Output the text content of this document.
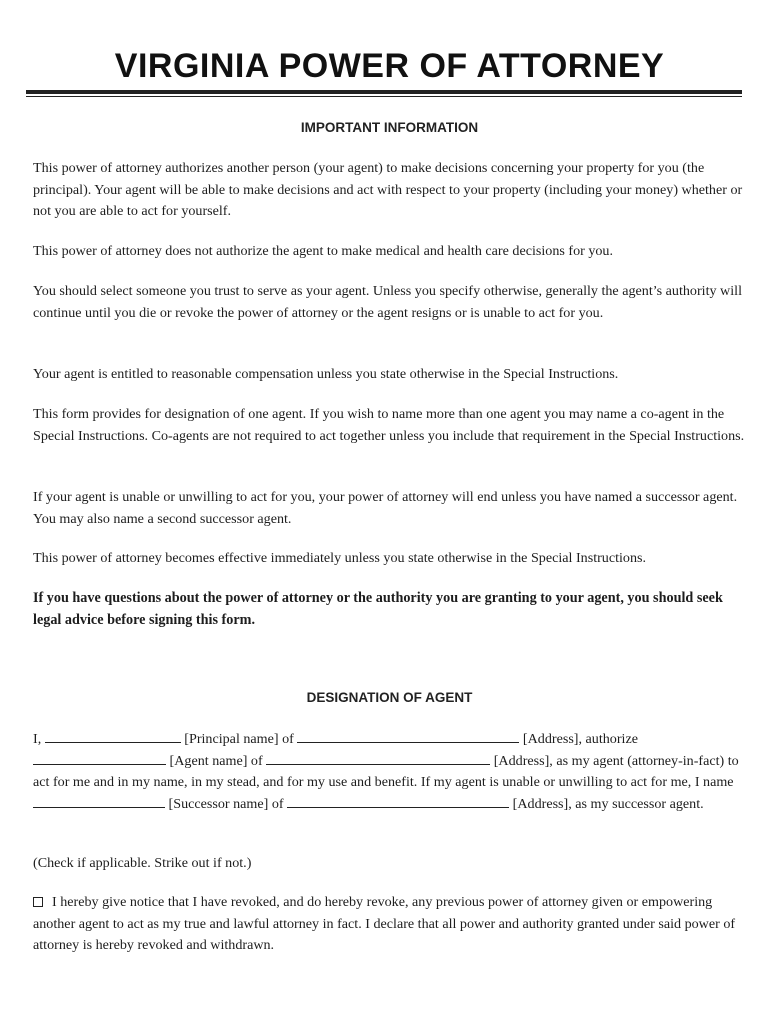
VIRGINIA POWER OF ATTORNEY
IMPORTANT INFORMATION

This power of attorney authorizes another person (your agent) to make decisions concerning your property for you (the principal). Your agent will be able to make decisions and act with respect to your property (including your money) whether or not you are able to act for yourself.

This power of attorney does not authorize the agent to make medical and health care decisions for you.

You should select someone you trust to serve as your agent. Unless you specify otherwise, generally the agent’s authority will continue until you die or revoke the power of attorney or the agent resigns or is unable to act for you.

Your agent is entitled to reasonable compensation unless you state otherwise in the Special Instructions.

This form provides for designation of one agent. If you wish to name more than one agent you may name a co-agent in the Special Instructions. Co-agents are not required to act together unless you include that requirement in the Special Instructions.

If your agent is unable or unwilling to act for you, your power of attorney will end unless you have named a successor agent. You may also name a second successor agent.

This power of attorney becomes effective immediately unless you state otherwise in the Special Instructions.

If you have questions about the power of attorney or the authority you are granting to your agent, you should seek legal advice before signing this form.

DESIGNATION OF AGENT

I,	[Principal name] of	[Address], authorize  [Agent name] of	[Address], as my agent (attorney-in-fact) to act for me and in my name, in my stead, and for my use and benefit. If my agent is unable or unwilling to act for me, I name  [Successor name] of	[Address], as my successor agent.

(Check if applicable. Strike out if not.)

I hereby give notice that I have revoked, and do hereby revoke, any previous power of attorney given or empowering another agent to act as my true and lawful attorney in fact. I declare that all power and authority granted under said power of attorney is hereby revoked and withdrawn.
